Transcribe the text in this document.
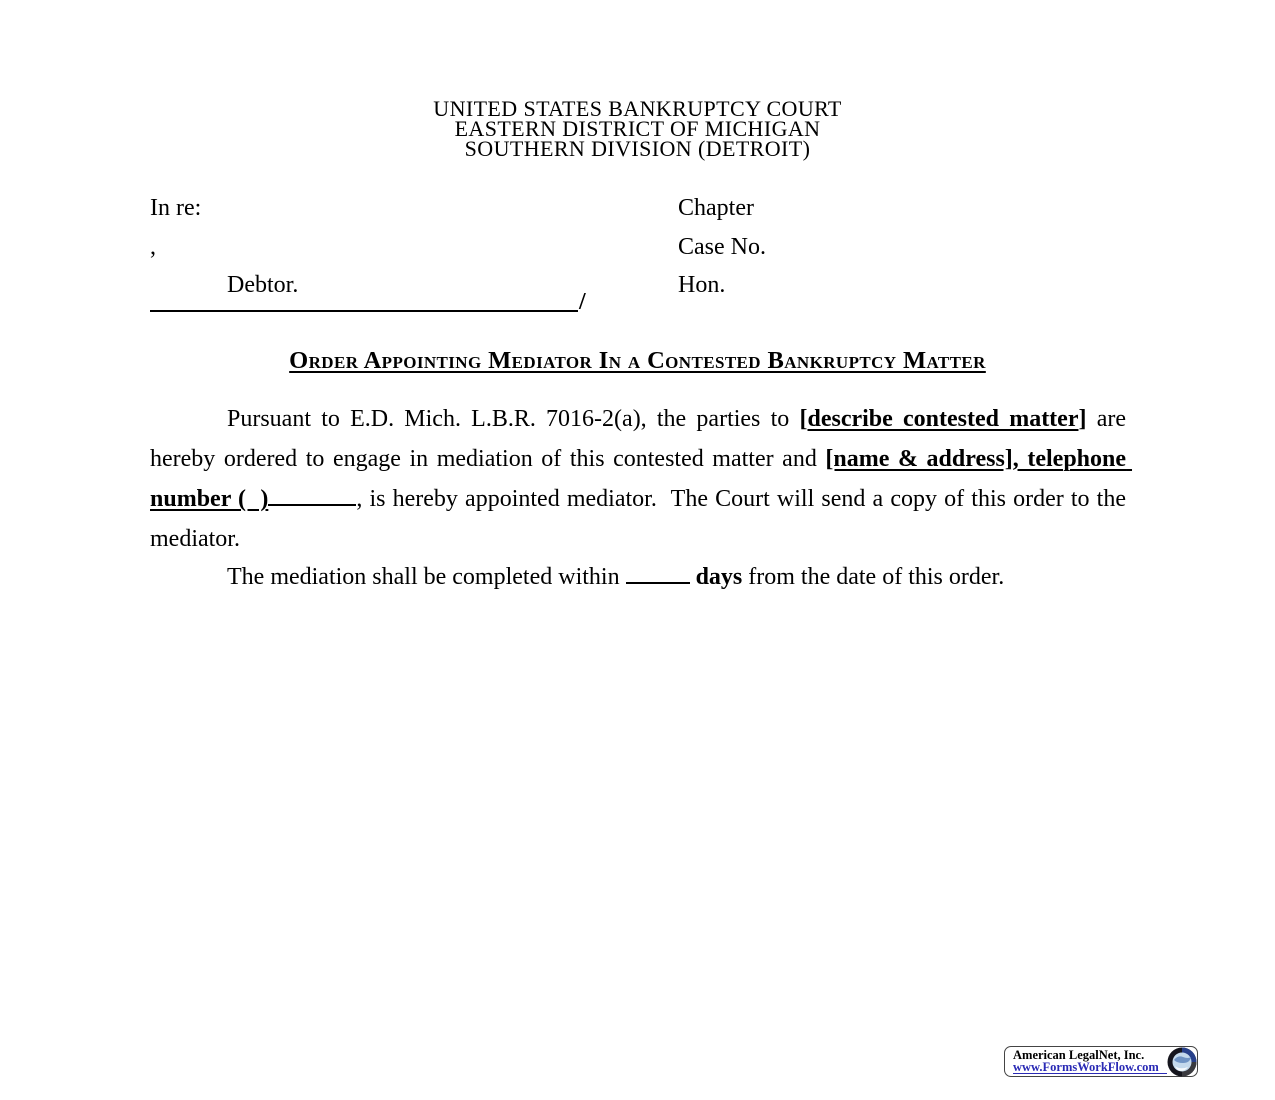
UNITED STATES BANKRUPTCY COURT
EASTERN DISTRICT OF MICHIGAN
SOUTHERN DIVISION (DETROIT)
In re:
,
Debtor.
Chapter
Case No.
Hon.
/
Order Appointing Mediator In a Contested Bankruptcy Matter
Pursuant to E.D. Mich. L.B.R. 7016-2(a), the parties to [describe contested matter] are hereby ordered to engage in mediation of this contested matter and [name & address], telephone number (  )	, is hereby appointed mediator.  The Court will send a copy of this order to the mediator.
The mediation shall be completed within	days from the date of this order.
American LegalNet, Inc.
www.FormsWorkFlow.com
